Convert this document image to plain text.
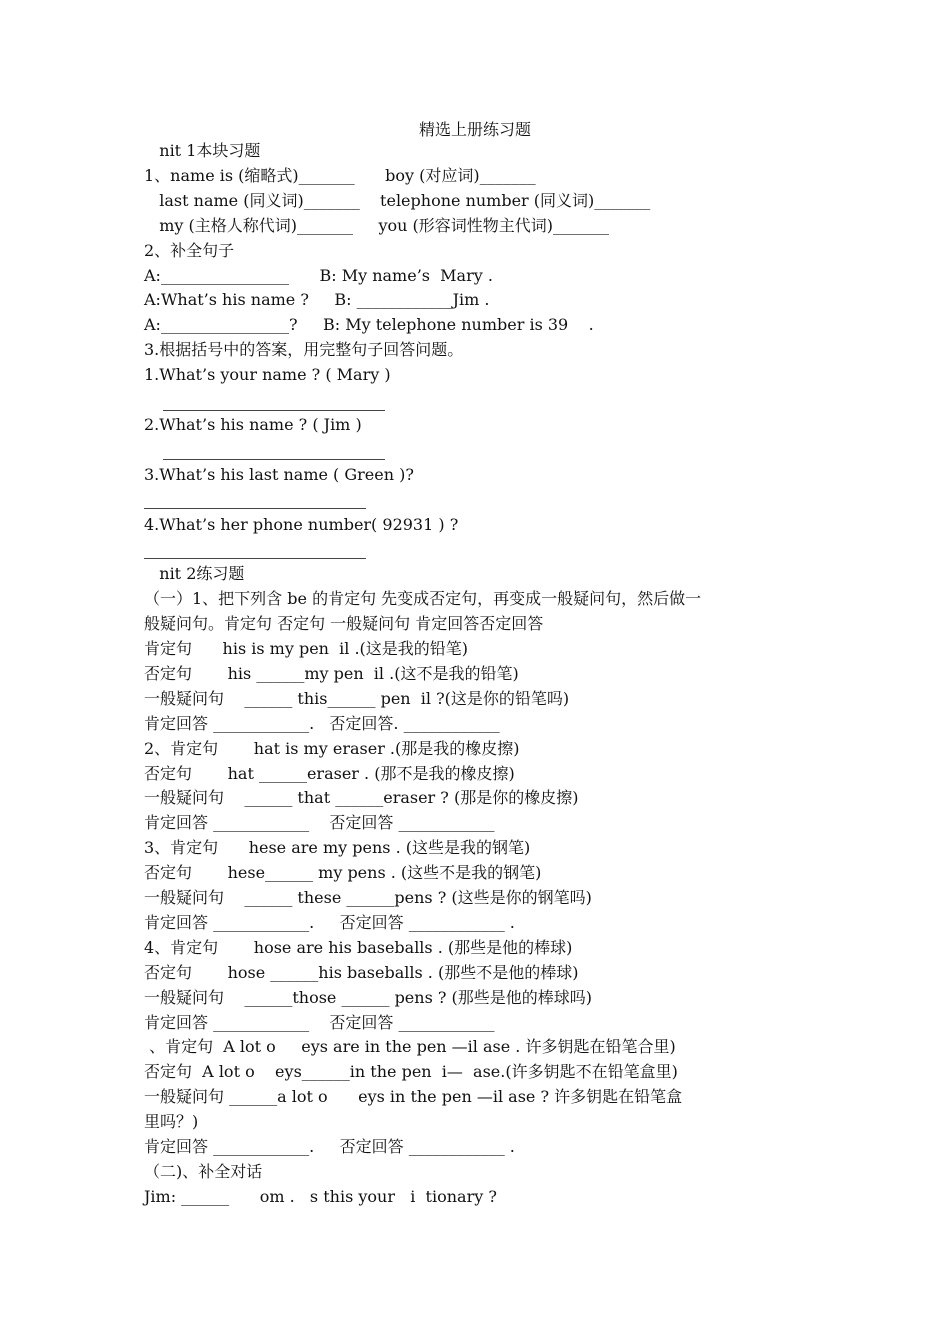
精选上册练习题
nit 1本块习题
1、name is (缩略式)_______      boy (对应词)_______
last name (同义词)_______    telephone number (同义词)_______
my (主格人称代词)_______     you (形容词性物主代词)_______
2、补全句子
A:________________      B: My name’s  Mary .
A:What’s his name ?     B: ____________Jim .
A:________________?     B: My telephone number is 39    .
3.根据括号中的答案，用完整句子回答问题。
1.What’s your name ? ( Mary )
2.What’s his name ? ( Jim )
3.What’s his last name ( Green )?
4.What’s her phone number( 92931 ) ?
nit 2练习题
（一）1、把下列含 be 的肯定句 先变成否定句，再变成一般疑问句，然后做一
般疑问句。肯定句 否定句 一般疑问句 肯定回答否定回答
肯定句      his is my pen  il .(这是我的铅笔)
否定句       his ______my pen  il .(这不是我的铅笔)
一般疑问句    ______ this______ pen  il ?(这是你的铅笔吗)
肯定回答 ____________.   否定回答. ____________
2、肯定句       hat is my eraser .(那是我的橡皮擦)
否定句       hat ______eraser . (那不是我的橡皮擦)
一般疑问句    ______ that ______eraser ? (那是你的橡皮擦)
肯定回答 ____________    否定回答 ____________
3、肯定句      hese are my pens . (这些是我的钢笔)
否定句       hese______ my pens . (这些不是我的钢笔)
一般疑问句    ______ these ______pens ? (这些是你的钢笔吗)
肯定回答 ____________.     否定回答 ____________ .
4、肯定句       hose are his baseballs . (那些是他的棒球)
否定句       hose ______his baseballs . (那些不是他的棒球)
一般疑问句    ______those ______ pens ? (那些是他的棒球吗)
肯定回答 ____________    否定回答 ____________
、肯定句  A lot o     eys are in the pen —il ase . 许多钥匙在铅笔合里)
否定句  A lot o    eys______in the pen  i—  ase.(许多钥匙不在铅笔盒里)
一般疑问句 ______a lot o      eys in the pen —il ase ? 许多钥匙在铅笔盒
里吗？)
肯定回答 ____________.     否定回答 ____________ .
（二)、补全对话
Jim: ______      om .   s this your   i  tionary ?
